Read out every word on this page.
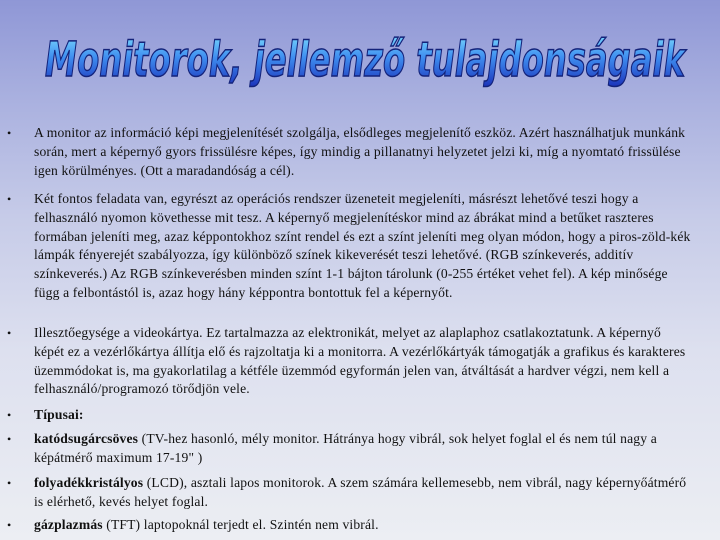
Monitorok, jellemző tulajdonságaik
• A monitor az információ képi megjelenítését szolgálja, elsődleges megjelenítő eszköz. Azért használhatjuk munkánk során, mert a képernyő gyors frissülésre képes, így mindig a pillanatnyi helyzetet jelzi ki, míg a nyomtató frissülése igen körülményes. (Ott a maradandóság a cél).
• Két fontos feladata van, egyrészt az operációs rendszer üzeneteit megjeleníti, másrészt lehetővé teszi hogy a felhasználó nyomon követhesse mit tesz. A képernyő megjelenítéskor mind az ábrákat mind a betűket raszteres formában jeleníti meg, azaz képpontokhoz színt rendel és ezt a színt jeleníti meg olyan módon, hogy a piros-zöld-kék lámpák fényerejét szabályozza, így különböző színek kikeverését teszi lehetővé. (RGB színkeverés, additív színkeverés.) Az RGB színkeverésben minden színt 1-1 bájton tárolunk (0-255 értéket vehet fel). A kép minősége függ a felbontástól is, azaz hogy hány képpontra bontottuk fel a képernyőt.
• Illesztőegysége a videokártya. Ez tartalmazza az elektronikát, melyet az alaplaphoz csatlakoztatunk. A képernyő képét ez a vezérlőkártya állítja elő és rajzoltatja ki a monitorra. A vezérlőkártyák támogatják a grafikus és karakteres üzemmódokat is, ma gyakorlatilag a kétféle üzemmód egyformán jelen van, átváltását a hardver végzi, nem kell a felhasználó/programozó törődjön vele.
• Típusai:
• katódsugárcsöves (TV-hez hasonló, mély monitor. Hátránya hogy vibrál, sok helyet foglal el és nem túl nagy a képátmérő maximum 17-19" )
• folyadékkristályos (LCD), asztali lapos monitorok. A szem számára kellemesebb, nem vibrál, nagy képernyőátmérő is elérhető, kevés helyet foglal.
• gázplazmás (TFT) laptopoknál terjedt el. Szintén nem vibrál.
